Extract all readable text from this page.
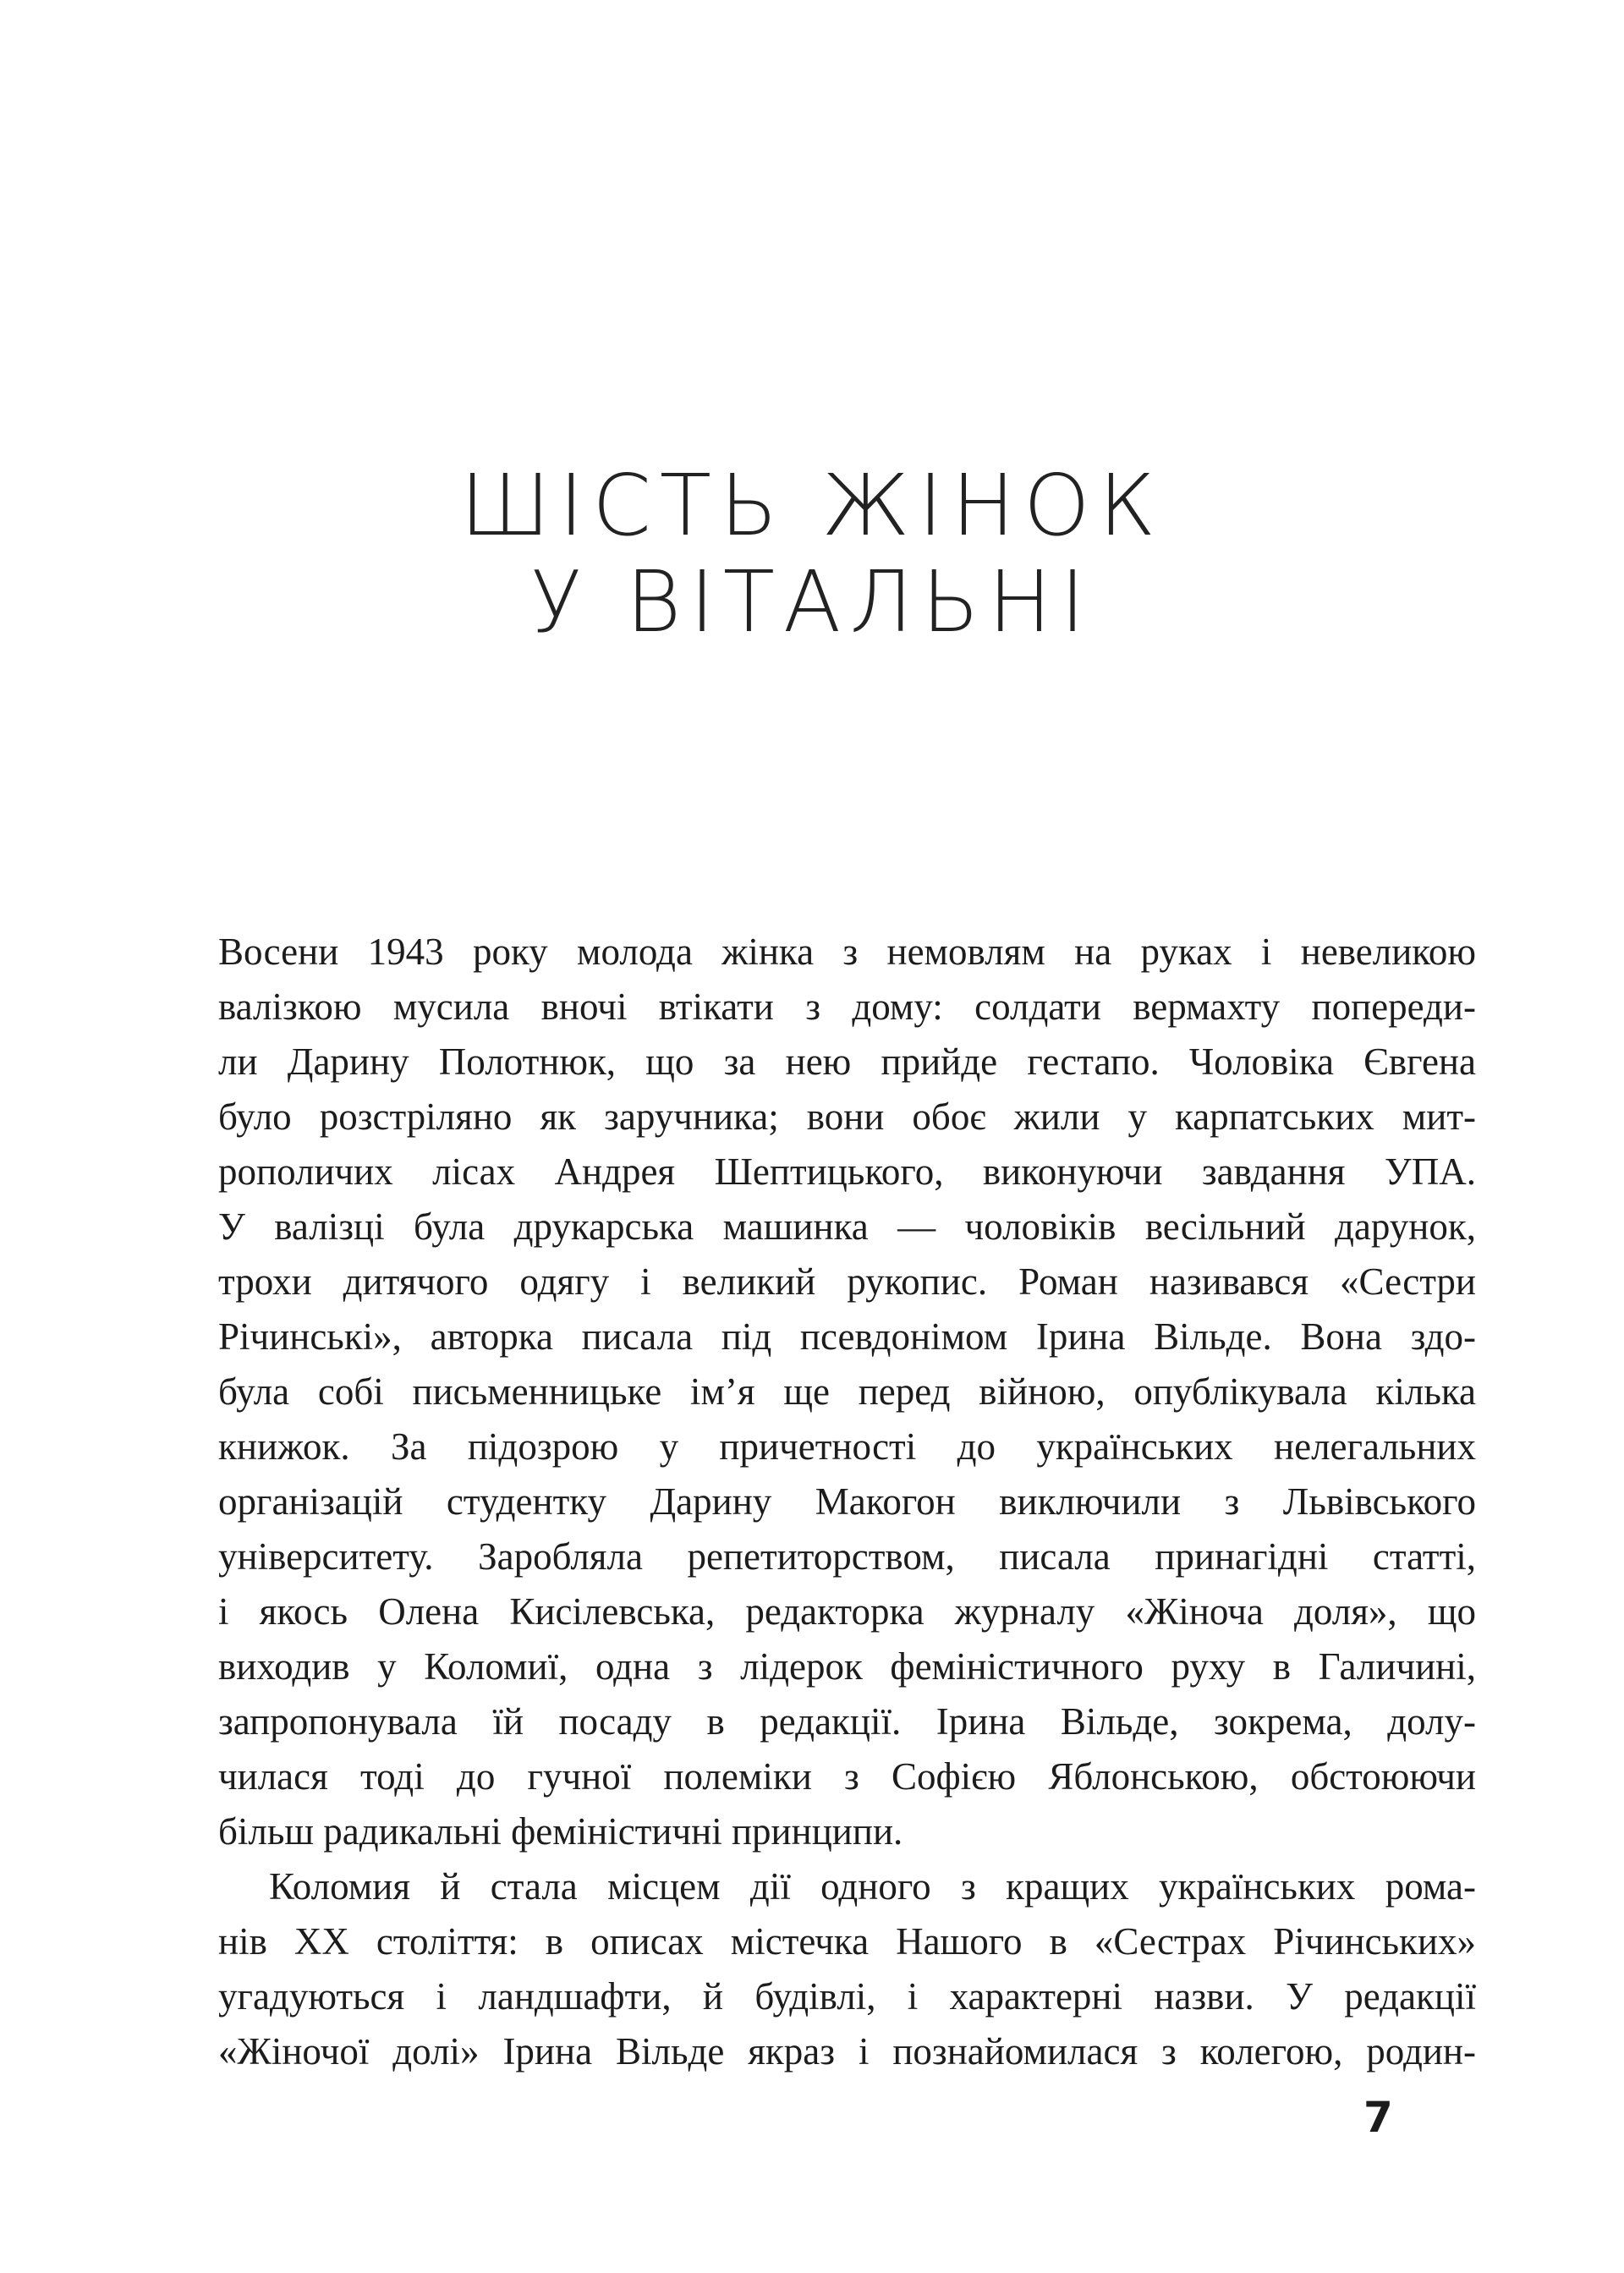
ШІСТЬ ЖІНОК
У ВІТАЛЬНІ
Восени 1943 року молода жінка з немовлям на руках і невеликою
валізкою мусила вночі втікати з дому: солдати вермахту попереди-
ли Дарину Полотнюк, що за нею прийде гестапо. Чоловіка Євгена
було розстріляно як заручника; вони обоє жили у карпатських мит-
рополичих лісах Андрея Шептицького, виконуючи завдання УПА.
У валізці була друкарська машинка — чоловіків весільний дарунок,
трохи дитячого одягу і великий рукопис. Роман називався «Сестри
Річинські», авторка писала під псевдонімом Ірина Вільде. Вона здо-
була собі письменницьке ім’я ще перед війною, опублікувала кілька
книжок. За підозрою у причетності до українських нелегальних
організацій студентку Дарину Макогон виключили з Львівського
університету. Заробляла репетиторством, писала принагідні статті,
і якось Олена Кисілевська, редакторка журналу «Жіноча доля», що
виходив у Коломиї, одна з лідерок феміністичного руху в Галичині,
запропонувала їй посаду в редакції. Ірина Вільде, зокрема, долу-
чилася тоді до гучної полеміки з Софією Яблонською, обстоюючи
більш радикальні феміністичні принципи.
Коломия й стала місцем дії одного з кращих українських рома-
нів XX століття: в описах містечка Нашого в «Сестрах Річинських»
угадуються і ландшафти, й будівлі, і характерні назви. У редакції
«Жіночої долі» Ірина Вільде якраз і познайомилася з колегою, родин-
7
